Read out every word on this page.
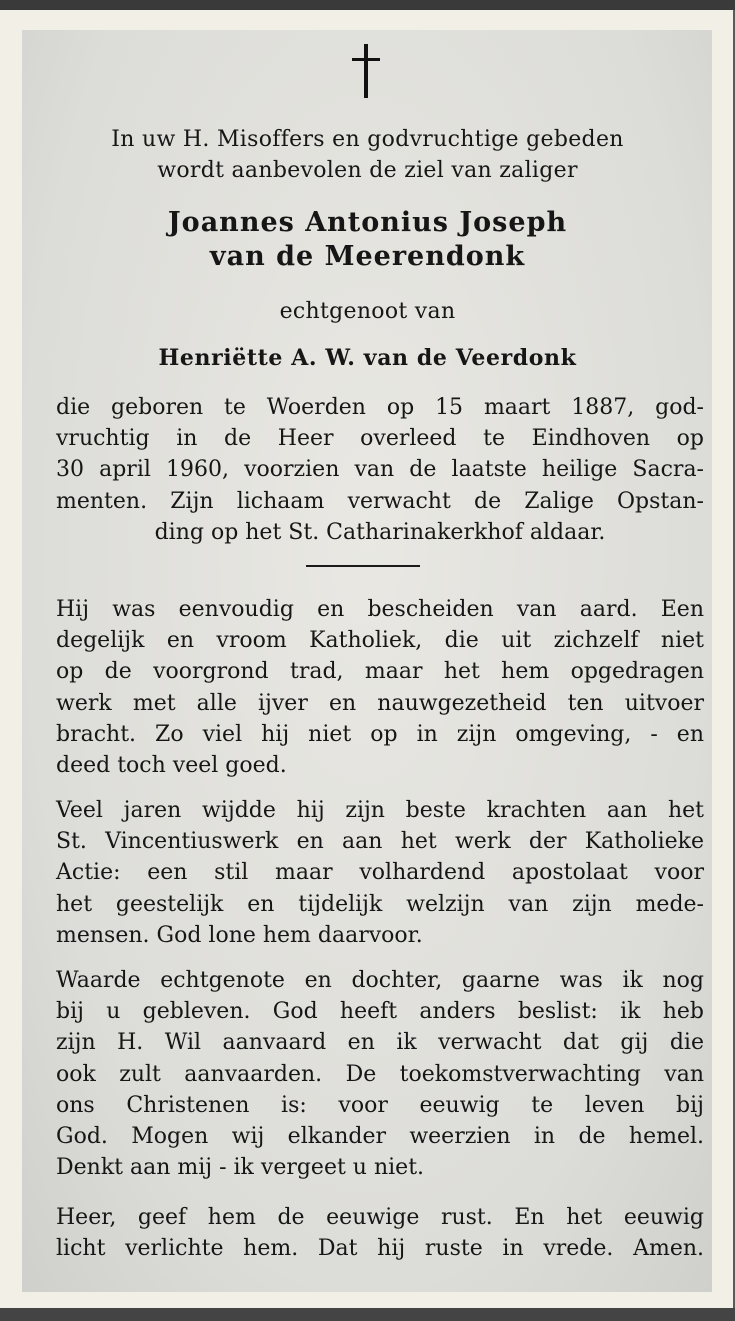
In uw H. Misoffers en godvruchtige gebeden
wordt aanbevolen de ziel van zaliger
Joannes Antonius Joseph
van de Meerendonk
echtgenoot van
Henriëtte A. W. van de Veerdonk
die geboren te Woerden op 15 maart 1887, god-
vruchtig in de Heer overleed te Eindhoven op
30 april 1960, voorzien van de laatste heilige Sacra-
menten. Zijn lichaam verwacht de Zalige Opstan-
ding op het St. Catharinakerkhof aldaar.
Hij was eenvoudig en bescheiden van aard. Een
degelijk en vroom Katholiek, die uit zichzelf niet
op de voorgrond trad, maar het hem opgedragen
werk met alle ijver en nauwgezetheid ten uitvoer
bracht. Zo viel hij niet op in zijn omgeving, - en
deed toch veel goed.
Veel jaren wijdde hij zijn beste krachten aan het
St. Vincentiuswerk en aan het werk der Katholieke
Actie: een stil maar volhardend apostolaat voor
het geestelijk en tijdelijk welzijn van zijn mede-
mensen. God lone hem daarvoor.
Waarde echtgenote en dochter, gaarne was ik nog
bij u gebleven. God heeft anders beslist: ik heb
zijn H. Wil aanvaard en ik verwacht dat gij die
ook zult aanvaarden. De toekomstverwachting van
ons Christenen is: voor eeuwig te leven bij
God. Mogen wij elkander weerzien in de hemel.
Denkt aan mij - ik vergeet u niet.
Heer, geef hem de eeuwige rust. En het eeuwig
licht verlichte hem. Dat hij ruste in vrede. Amen.
